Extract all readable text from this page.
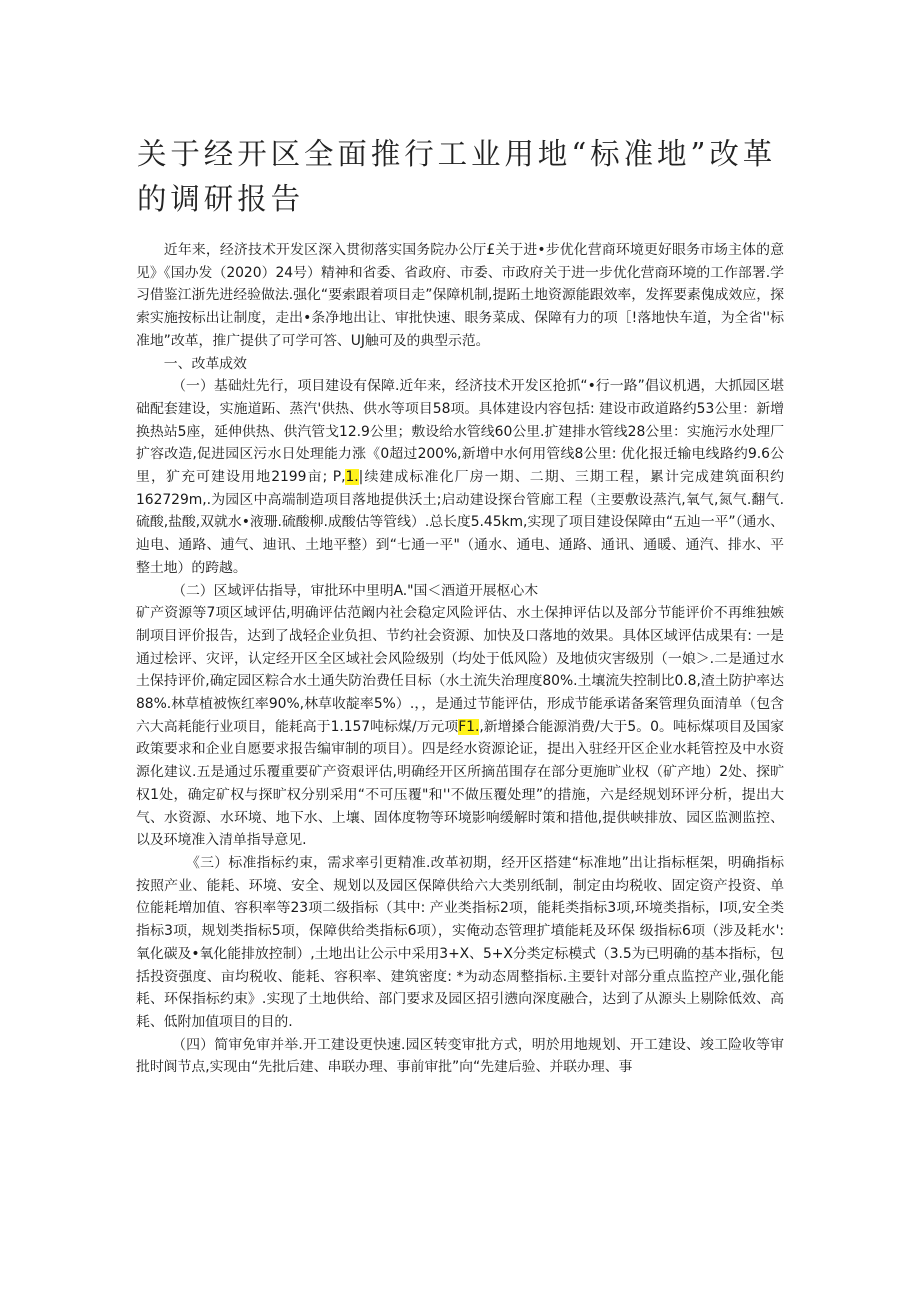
关于经开区全面推行工业用地“标准地”改革的调研报告

近年来，经济技术开发区深入贯彻落实国务院办公厅£关于进•步优化营商环境更好眼务市场主体的意见》《国办发（2020）24号）精神和省委、省政府、市委、市政府关于进一步优化营商环境的工作部署.学习借鉴江浙先进经验做法.强化“要索跟着项目走”保障机制,提跖土地资源能跟效率，发挥要素傀成效应，探索实施按标出让制度，走出•条净地出让、审批快速、眼务菜成、保障有力的项［!落地快车道，为全省''标准地”改革，推广提供了可学可答、UJ触可及的典型示范。

一、改革成效

（一）基础灶先行，项目建设有保障.近年来，经济技术开发区抢抓“•行一路”倡议机遇，大抓园区堪础配套建设，实施道跖、蒸汽'供热、供水等项目58项。具体建设内容包括: 建设市政道路约53公里：新增换热站5座，延伸供热、供汽管戈12.9公里；敷设给水管线60公里.扩建排水管线28公里：实施污水处理厂扩容改造,促进园区污水日处理能力涨《0超过200%,新增中水何用管线8公里: 优化报迁输电线路约9.6公里，犷充可建设用地2199亩; P,1.|续建成标准化厂房一期、二期、三期工程，累计完成建筑面积约162729m,.为园区中高端制造项目落地提供沃土;启动建设探台管廊工程（主要敷设蒸汽,氧气,氮气.翻气.硫酸,盐酸,双就水•液珊.硫酸柳.成酸估等管线）.总长度5.45km,实现了项目建设保障由“五辿一平”（通水、辿电、通路、逋气、迪讯、土地平整）到“七通一平"（通水、通电、通路、通讯、通暖、通汽、排水、平整土地）的跨越。

（二）区域评估指导，审批环中里明A."国＜酒道开展枢心木

矿产资源等7项区域评估,明确评估范阚内社会稳定风险评估、水土保抻评估以及部分节能评价不再维独嫉制项目评价报告，达到了战轻企业负担、节约社会资源、加快及口落地的效果。具体区域评估成果有: 一是通过桧评、灾评，认定经开区全区域社会风险级别（均处于低风险）及地侦灾害级別（一娘＞.二是通过水土保持评价,确定园区粽合水土通失防治费任目标（水土流失治理度80%.土壤流失控制比0.8,渣土防护率达88%.林草植被恢红率90%,林草收靛率5%）.，，是通过节能评估，形成节能承诺备案管理负面清单（包含六大高耗能行业项目，能耗高于1.157吨标煤/万元项F1.,新增搡合能源消费/大于5。0。吨标煤项目及国家政策要求和企业自愿要求报告编审制的项目）。四是经水资源论证，提出入驻经开区企业水耗管控及中水资源化建议.五是通过乐覆重要矿产资艰评估,明确经开区所摘茁围存在部分更施旷业权（矿产地）2处、探旷权1处，确定矿权与探旷权分别采用“不可压覆"和''不做压覆处理”的措施，六是经规划环评分析，提出大气、水资源、水环境、地下水、上壤、固体度物等环境影响缓解时策和措他,提供峡排放、园区监测监控、以及环境准入清单指导意见.

《三）标准指标约束，需求率引更精准.改革初期，经开区搭建“标准地”出让指标框架，明确指标按照产业、能耗、环境、安全、规划以及园区保障供给六大类别纸制，制定由均税收、固定资产投资、单位能耗増加值、容积率等23项二级指标（其中: 产业类指标2项，能耗类指标3项,环境类指标，I项,安全类指标3项，规划类指标5项，保障供给类指标6项），实俺动态管理扩墳能耗及环保 级指标6项（涉及耗水':氧化碳及•氧化能排放控制）,土地出让公示中采用3+X、5+X分类定标模式（3.5为已明确的基本指标，包括投资强度、亩均税收、能耗、容积率、建筑密度: *为动态周整指标.主要针对部分重点监控产业,强化能耗、环保指标约束》.实现了土地供给、部门要求及园区招引懑向深度融合，达到了从源头上剔除低效、高耗、低附加值项目的目的.

（四）简审免审并举.开工建设更快速.园区转变审批方式，明於用地规划、开工建设、竣工险收等审批时阆节点,实现由“先批后建、串联办理、事前审批”向“先建后验、并联办理、事
